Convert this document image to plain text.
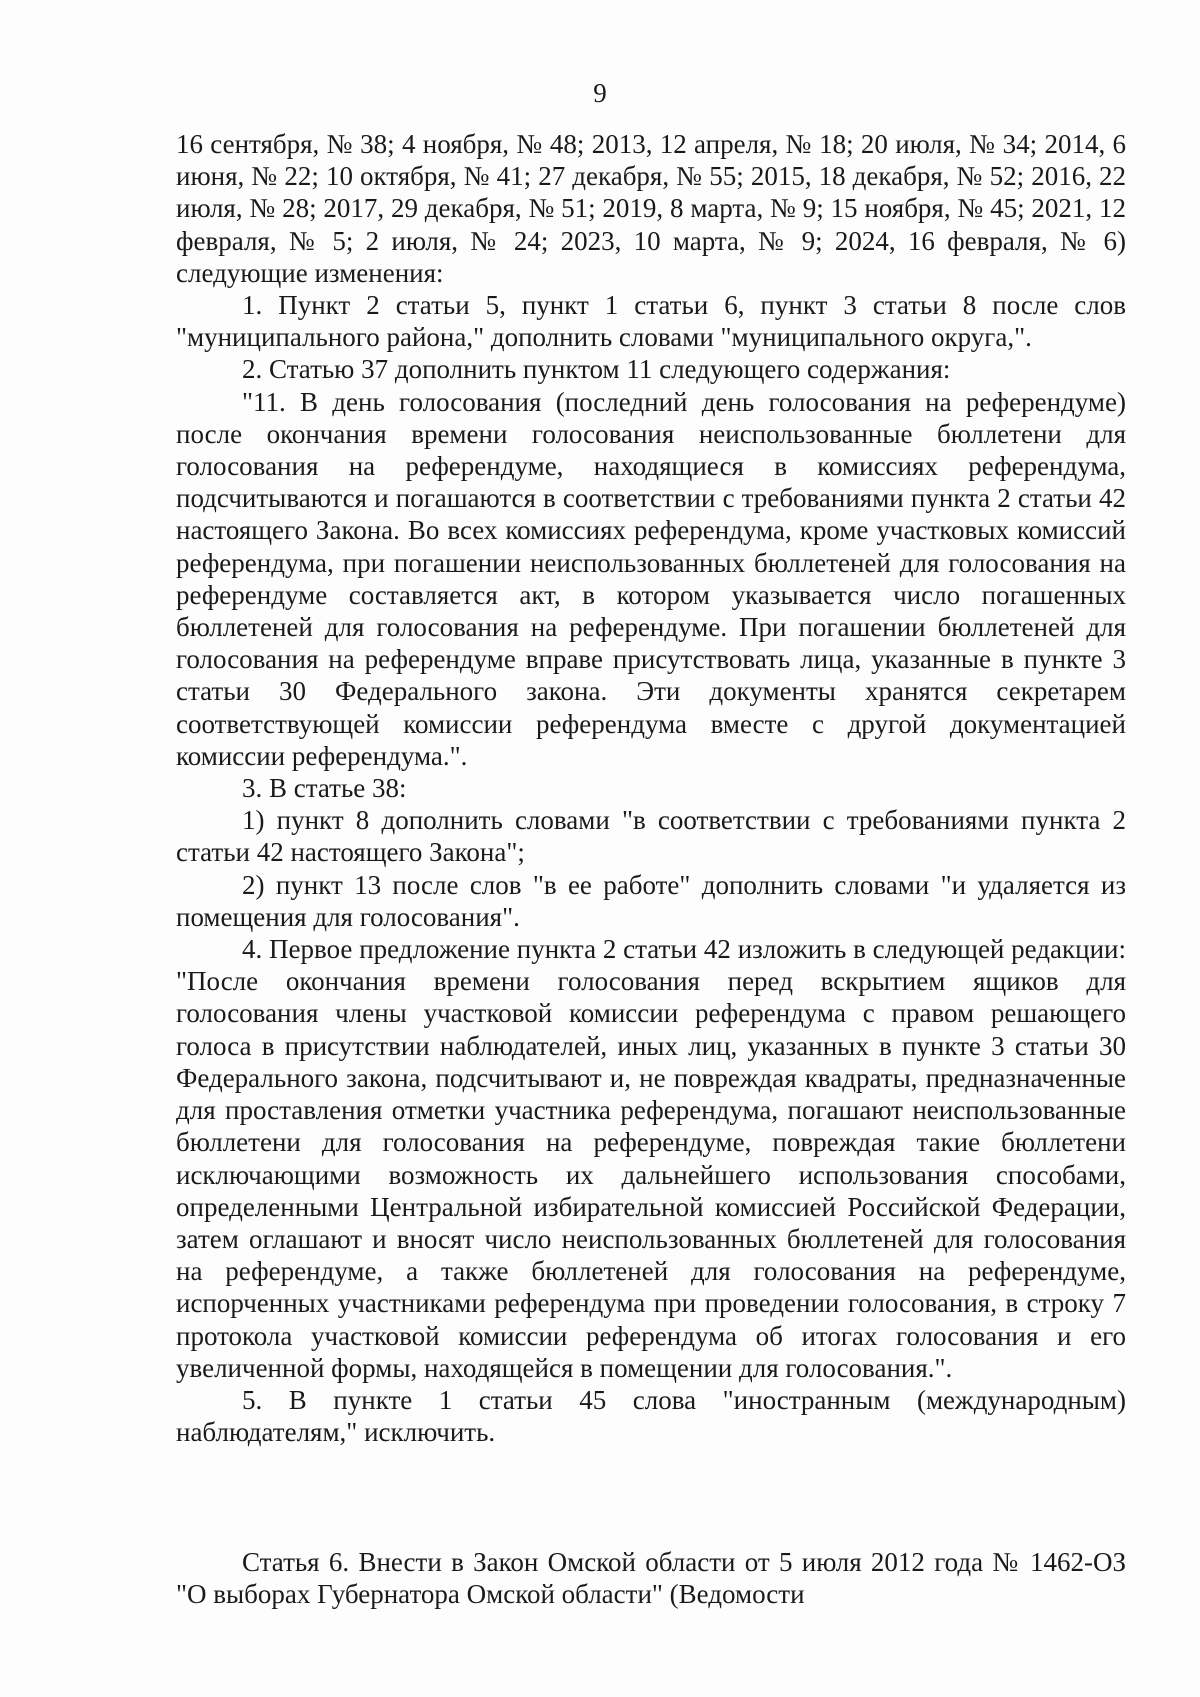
9

16 сентября, № 38; 4 ноября, № 48; 2013, 12 апреля, № 18; 20 июля, № 34; 2014, 6 июня, № 22; 10 октября, № 41; 27 декабря, № 55; 2015, 18 декабря, № 52; 2016, 22 июля, № 28; 2017, 29 декабря, № 51; 2019, 8 марта, № 9; 15 ноября, № 45; 2021, 12 февраля, № 5; 2 июля, № 24; 2023, 10 марта, № 9; 2024, 16 февраля, № 6) следующие изменения:

1. Пункт 2 статьи 5, пункт 1 статьи 6, пункт 3 статьи 8 после слов "муниципального района," дополнить словами "муниципального округа,".

2. Статью 37 дополнить пунктом 11 следующего содержания:

"11. В день голосования (последний день голосования на референдуме) после окончания времени голосования неиспользованные бюллетени для голосования на референдуме, находящиеся в комиссиях референдума, подсчитываются и погашаются в соответствии с требованиями пункта 2 статьи 42 настоящего Закона. Во всех комиссиях референдума, кроме участковых комиссий референдума, при погашении неиспользованных бюллетеней для голосования на референдуме составляется акт, в котором указывается число погашенных бюллетеней для голосования на референдуме. При погашении бюллетеней для голосования на референдуме вправе присутствовать лица, указанные в пункте 3 статьи 30 Федерального закона. Эти документы хранятся секретарем соответствующей комиссии референдума вместе с другой документацией комиссии референдума.".

3. В статье 38:

1) пункт 8 дополнить словами "в соответствии с требованиями пункта 2 статьи 42 настоящего Закона";

2) пункт 13 после слов "в ее работе" дополнить словами "и удаляется из помещения для голосования".

4. Первое предложение пункта 2 статьи 42 изложить в следующей редакции: "После окончания времени голосования перед вскрытием ящиков для голосования члены участковой комиссии референдума с правом решающего голоса в присутствии наблюдателей, иных лиц, указанных в пункте 3 статьи 30 Федерального закона, подсчитывают и, не повреждая квадраты, предназначенные для проставления отметки участника референдума, погашают неиспользованные бюллетени для голосования на референдуме, повреждая такие бюллетени исключающими возможность их дальнейшего использования способами, определенными Центральной избирательной комиссией Российской Федерации, затем оглашают и вносят число неиспользованных бюллетеней для голосования на референдуме, а также бюллетеней для голосования на референдуме, испорченных участниками референдума при проведении голосования, в строку 7 протокола участковой комиссии референдума об итогах голосования и его увеличенной формы, находящейся в помещении для голосования.".

5. В пункте 1 статьи 45 слова "иностранным (международным) наблюдателям," исключить.

Статья 6. Внести в Закон Омской области от 5 июля 2012 года № 1462-ОЗ "О выборах Губернатора Омской области" (Ведомости
